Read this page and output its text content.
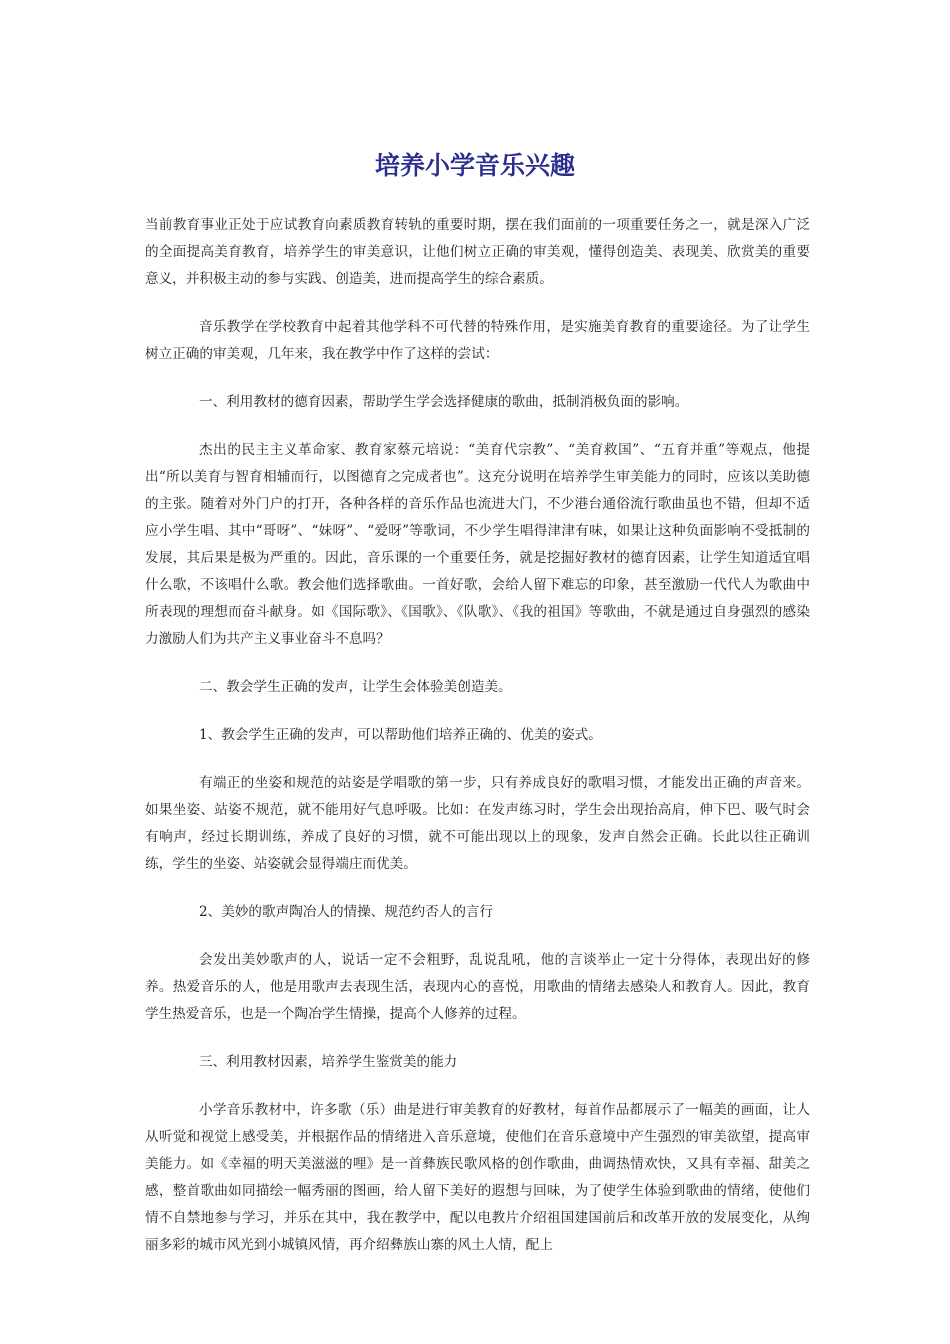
培养小学音乐兴趣

当前教育事业正处于应试教育向素质教育转轨的重要时期，摆在我们面前的一项重要任务之一，就是深入广泛的全面提高美育教育，培养学生的审美意识，让他们树立正确的审美观，懂得创造美、表现美、欣赏美的重要意义，并积极主动的参与实践、创造美，进而提高学生的综合素质。

音乐教学在学校教育中起着其他学科不可代替的特殊作用，是实施美育教育的重要途径。为了让学生树立正确的审美观，几年来，我在教学中作了这样的尝试：

一、利用教材的德育因素，帮助学生学会选择健康的歌曲，抵制消极负面的影响。

杰出的民主主义革命家、教育家蔡元培说：“美育代宗教”、“美育救国”、“五育并重”等观点，他提出“所以美育与智育相辅而行，以图德育之完成者也”。这充分说明在培养学生审美能力的同时，应该以美助德的主张。随着对外门户的打开，各种各样的音乐作品也流进大门，不少港台通俗流行歌曲虽也不错，但却不适应小学生唱、其中“哥呀”、“妹呀”、“爱呀”等歌词，不少学生唱得津津有味，如果让这种负面影响不受抵制的发展，其后果是极为严重的。因此，音乐课的一个重要任务，就是挖掘好教材的德育因素，让学生知道适宜唱什么歌，不该唱什么歌。教会他们选择歌曲。一首好歌，会给人留下难忘的印象，甚至激励一代代人为歌曲中所表现的理想而奋斗献身。如《国际歌》、《国歌》、《队歌》、《我的祖国》等歌曲，不就是通过自身强烈的感染力激励人们为共产主义事业奋斗不息吗？

二、教会学生正确的发声，让学生会体验美创造美。

1、教会学生正确的发声，可以帮助他们培养正确的、优美的姿式。

有端正的坐姿和规范的站姿是学唱歌的第一步，只有养成良好的歌唱习惯，才能发出正确的声音来。如果坐姿、站姿不规范，就不能用好气息呼吸。比如：在发声练习时，学生会出现抬高肩，伸下巴、吸气时会有响声，经过长期训练，养成了良好的习惯，就不可能出现以上的现象，发声自然会正确。长此以往正确训练，学生的坐姿、站姿就会显得端庄而优美。

2、美妙的歌声陶冶人的情操、规范约否人的言行

会发出美妙歌声的人，说话一定不会粗野，乱说乱吼，他的言谈举止一定十分得体，表现出好的修养。热爱音乐的人，他是用歌声去表现生活，表现内心的喜悦，用歌曲的情绪去感染人和教育人。因此，教育学生热爱音乐，也是一个陶冶学生情操，提高个人修养的过程。

三、利用教材因素，培养学生鉴赏美的能力

小学音乐教材中，许多歌（乐）曲是进行审美教育的好教材，每首作品都展示了一幅美的画面，让人从听觉和视觉上感受美，并根据作品的情绪进入音乐意境，使他们在音乐意境中产生强烈的审美欲望，提高审美能力。如《幸福的明天美滋滋的哩》是一首彝族民歌风格的创作歌曲，曲调热情欢快，又具有幸福、甜美之感，整首歌曲如同描绘一幅秀丽的图画，给人留下美好的遐想与回味，为了使学生体验到歌曲的情绪，使他们情不自禁地参与学习，并乐在其中，我在教学中，配以电教片介绍祖国建国前后和改革开放的发展变化，从绚丽多彩的城市风光到小城镇风情，再介绍彝族山寨的风土人情，配上
